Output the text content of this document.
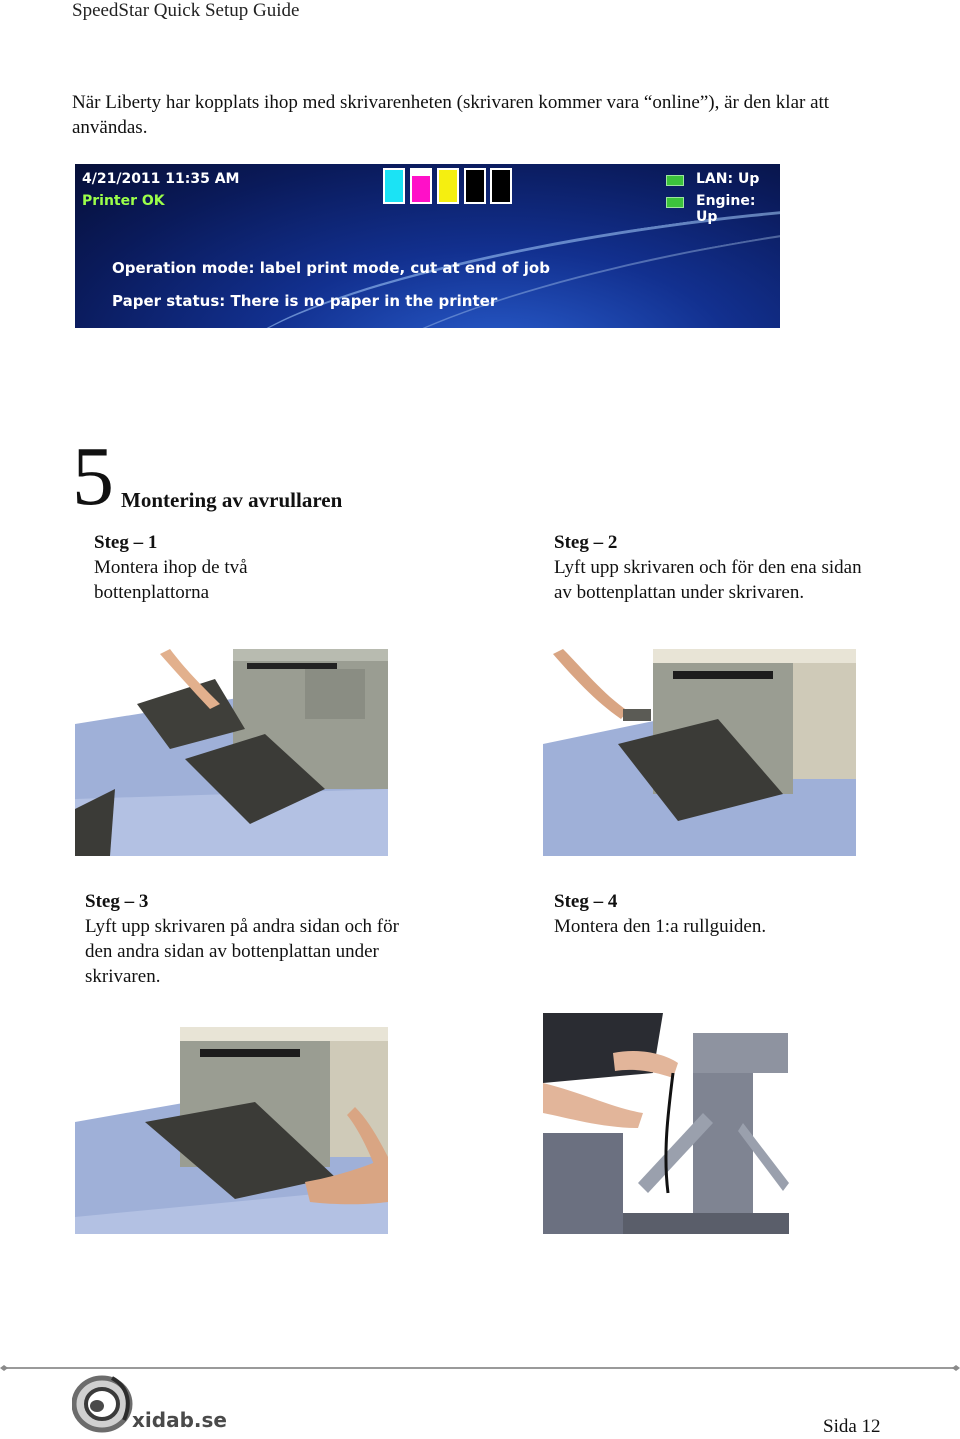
SpeedStar Quick Setup Guide
När Liberty har kopplats ihop med skrivarenheten (skrivaren kommer vara “online”), är den klar att användas.
4/21/2011 11:35 AM
Printer OK
LAN: Up
Engine: Up
Operation mode: label print mode, cut at end of job
Paper status: There is no paper in the printer
5 Montering av avrullaren
Steg – 1
Montera ihop de två bottenplattorna
Steg – 2
Lyft upp skrivaren och för den ena sidan av bottenplattan under skrivaren.
Steg – 3
Lyft upp skrivaren på andra sidan och för den andra sidan av bottenplattan under skrivaren.
Steg – 4
Montera den 1:a rullguiden.
xidab.se	Sida 12
